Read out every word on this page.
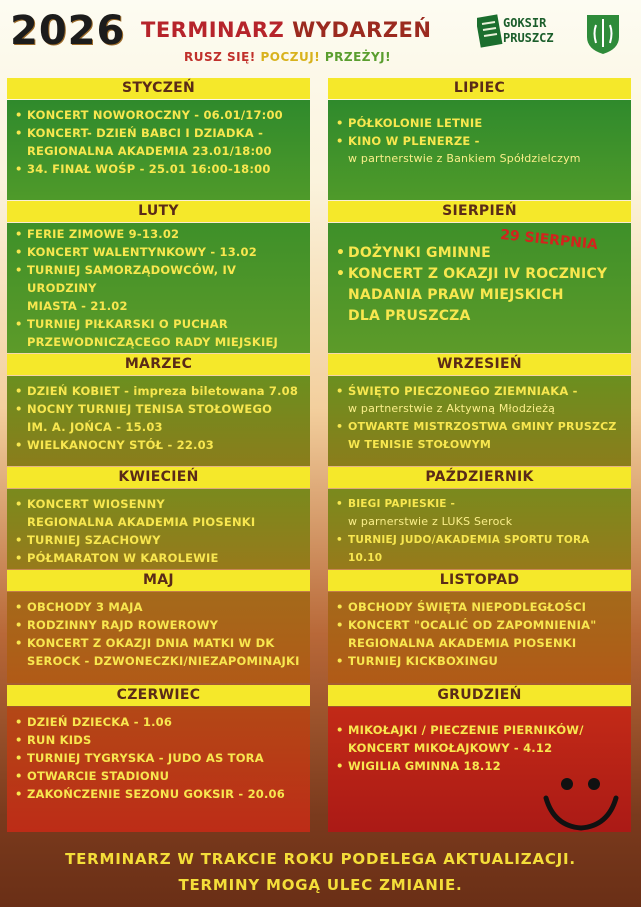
2026 TERMINARZ WYDARZEŃ
RUSZ SIĘ! POCZUJ! PRZEŻYJ!
GOKSIR
PRUSZCZ
STYCZEŃ
• KONCERT NOWOROCZNY - 06.01/17:00
• KONCERT- DZIEŃ BABCI I DZIADKA -
REGIONALNA AKADEMIA 23.01/18:00
• 34. FINAŁ WOŚP - 25.01 16:00-18:00
LUTY
• FERIE ZIMOWE 9-13.02
• KONCERT WALENTYNKOWY - 13.02
• TURNIEJ SAMORZĄDOWCÓW, IV URODZINY
MIASTA - 21.02
• TURNIEJ PIŁKARSKI O PUCHAR
PRZEWODNICZĄCEGO RADY MIEJSKIEJ
MARZEC
• DZIEŃ KOBIET - impreza biletowana 7.08
• NOCNY TURNIEJ TENISA STOŁOWEGO
IM. A. JOŃCA - 15.03
• WIELKANOCNY STÓŁ - 22.03
KWIECIEŃ
• KONCERT WIOSENNY
REGIONALNA AKADEMIA PIOSENKI
• TURNIEJ SZACHOWY
• PÓŁMARATON W KAROLEWIE
MAJ
• OBCHODY 3 MAJA
• RODZINNY RAJD ROWEROWY
• KONCERT Z OKAZJI DNIA MATKI W DK
SEROCK - DZWONECZKI/NIEZAPOMINAJKI
CZERWIEC
• DZIEŃ DZIECKA - 1.06
• RUN KIDS
• TURNIEJ TYGRYSKA - JUDO AS TORA
• OTWARCIE STADIONU
• ZAKOŃCZENIE SEZONU GOKSIR - 20.06
LIPIEC
• PÓŁKOLONIE LETNIE
• KINO W PLENERZE -
w partnerstwie z Bankiem Spółdzielczym
SIERPIEŃ
• DOŻYNKI GMINNE
• KONCERT Z OKAZJI IV ROCZNICY
NADANIA PRAW MIEJSKICH
DLA PRUSZCZA
WRZESIEŃ
• ŚWIĘTO PIECZONEGO ZIEMNIAKA -
w partnerstwie z Aktywną Młodzieżą
• OTWARTE MISTRZOSTWA GMINY PRUSZCZ
W TENISIE STOŁOWYM
PAŹDZIERNIK
• BIEGI PAPIESKIE -
w parnerstwie z LUKS Serock
• TURNIEJ JUDO/AKADEMIA SPORTU TORA 10.10
•
LISTOPAD
• OBCHODY ŚWIĘTA NIEPODLEGŁOŚCI
• KONCERT "OCALIĆ OD ZAPOMNIENIA"
REGIONALNA AKADEMIA PIOSENKI
• TURNIEJ KICKBOXINGU
GRUDZIEŃ
• MIKOŁAJKI / PIECZENIE PIERNIKÓW/
KONCERT MIKOŁAJKOWY - 4.12
• WIGILIA GMINNA 18.12
29 SIERPNIA
TERMINARZ W TRAKCIE ROKU PODELEGA AKTUALIZACJI.
TERMINY MOGĄ ULEC ZMIANIE.
